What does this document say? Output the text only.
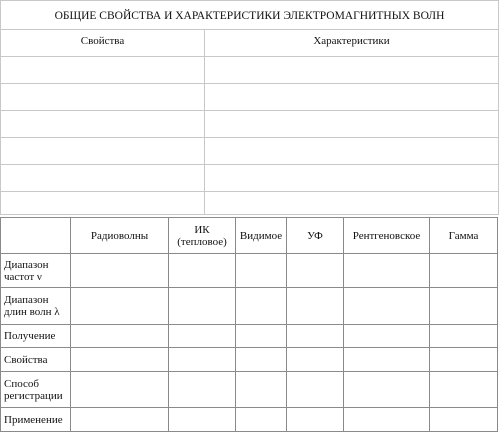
ОБЩИЕ СВОЙСТВА И ХАРАКТЕРИСТИКИ ЭЛЕКТРОМАГНИТНЫХ ВОЛН	
Свойства	Характеристики

	Радиоволны	ИК (тепловое)	Видимое	УФ	Рентгеновское	Гамма
Диапазон частот ν						
Диапазон длин волн λ						
Получение						
Свойства						
Способ регистрации						
Применение						
